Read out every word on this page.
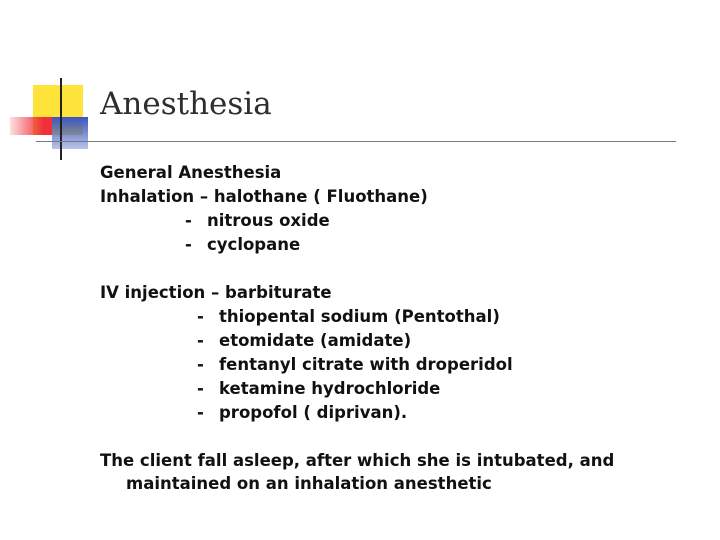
Anesthesia
General Anesthesia
Inhalation – halothane ( Fluothane)
- nitrous oxide
- cyclopane
IV injection – barbiturate
- thiopental sodium (Pentothal)
- etomidate (amidate)
- fentanyl citrate with droperidol
- ketamine hydrochloride
- propofol ( diprivan).
The client fall asleep, after which she is intubated, and maintained on an inhalation anesthetic
